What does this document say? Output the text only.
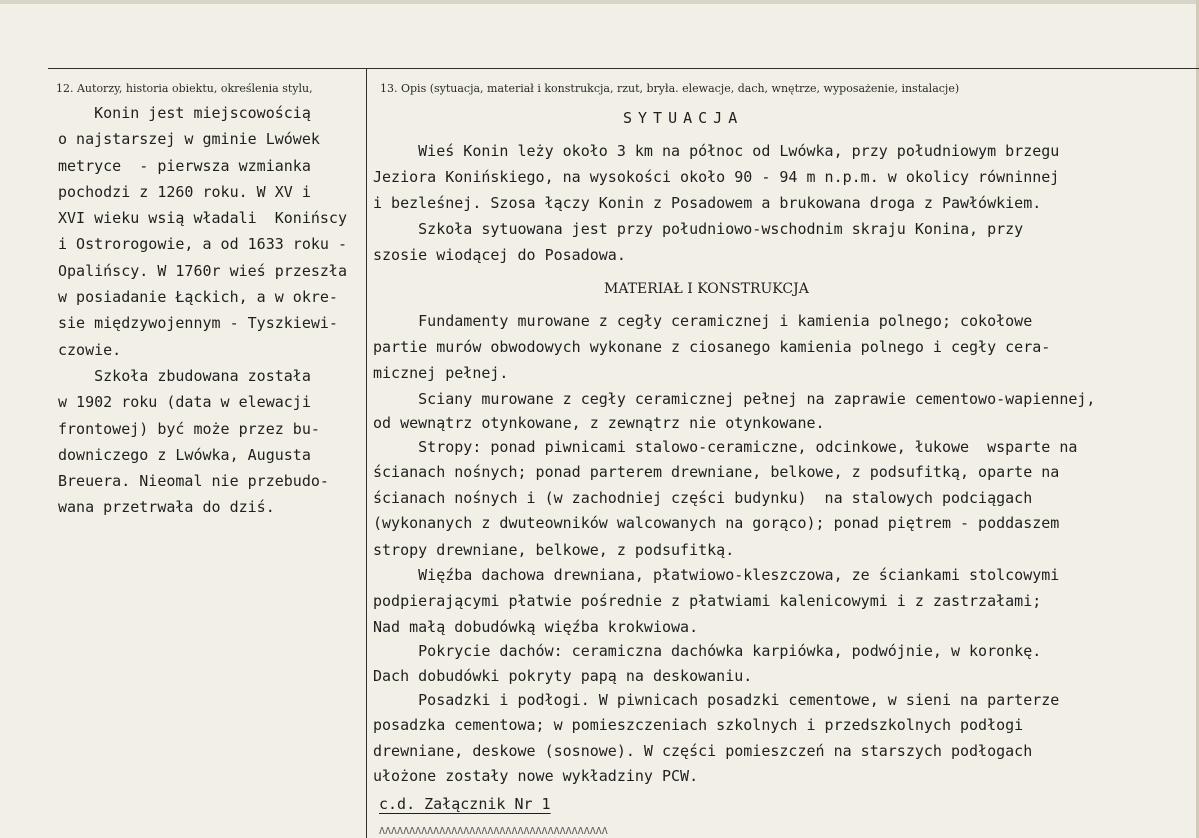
12. Autorzy, historia obiektu, określenia stylu,	13. Opis (sytuacja, materiał i konstrukcja, rzut, bryła. elewacje, dach, wnętrze, wyposażenie, instalacje)
Konin jest miejscowością
o najstarszej w gminie Lwówek
metryce  - pierwsza wzmianka
pochodzi z 1260 roku. W XV i
XVI wieku wsią władali  Konińscy
i Ostrorogowie, a od 1633 roku -
Opalińscy. W 1760r wieś przeszła
w posiadanie Łąckich, a w okre-
sie międzywojennym - Tyszkiewi-
czowie.
Szkoła zbudowana została
w 1902 roku (data w elewacji
frontowej) być może przez bu-
downiczego z Lwówka, Augusta
Breuera. Nieomal nie przebudo-
wana przetrwała do dziś.
SYTUACJA
MATERIAŁ I KONSTRUKCJA
Wieś Konin leży około 3 km na północ od Lwówka, przy południowym brzegu
Jeziora Konińskiego, na wysokości około 90 - 94 m n.p.m. w okolicy równinnej
i bezleśnej. Szosa łączy Konin z Posadowem a brukowana droga z Pawłówkiem.
Szkoła sytuowana jest przy południowo-wschodnim skraju Konina, przy
szosie wiodącej do Posadowa.
Fundamenty murowane z cegły ceramicznej i kamienia polnego; cokołowe
partie murów obwodowych wykonane z ciosanego kamienia polnego i cegły cera-
micznej pełnej.
Sciany murowane z cegły ceramicznej pełnej na zaprawie cementowo-wapiennej,
od wewnątrz otynkowane, z zewnątrz nie otynkowane.
Stropy: ponad piwnicami stalowo-ceramiczne, odcinkowe, łukowe  wsparte na
ścianach nośnych; ponad parterem drewniane, belkowe, z podsufitką, oparte na
ścianach nośnych i (w zachodniej części budynku)  na stalowych podciągach
(wykonanych z dwuteowników walcowanych na gorąco); ponad piętrem - poddaszem
stropy drewniane, belkowe, z podsufitką.
Więźba dachowa drewniana, płatwiowo-kleszczowa, ze ściankami stolcowymi
podpierającymi płatwie pośrednie z płatwiami kalenicowymi i z zastrzałami;
Nad małą dobudówką więźba krokwiowa.
Pokrycie dachów: ceramiczna dachówka karpiówka, podwójnie, w koronkę.
Dach dobudówki pokryty papą na deskowaniu.
Posadzki i podłogi. W piwnicach posadzki cementowe, w sieni na parterze
posadzka cementowa; w pomieszczeniach szkolnych i przedszkolnych podłogi
drewniane, deskowe (sosnowe). W części pomieszczeń na starszych podłogach
ułożone zostały nowe wykładziny PCW.
c.d. Załącznik Nr 1
ΛΛΛΛΛΛΛΛΛΛΛΛΛΛΛΛΛΛΛΛΛΛΛΛΛΛΛΛΛΛΛΛΛΛΛΛΛΛ
